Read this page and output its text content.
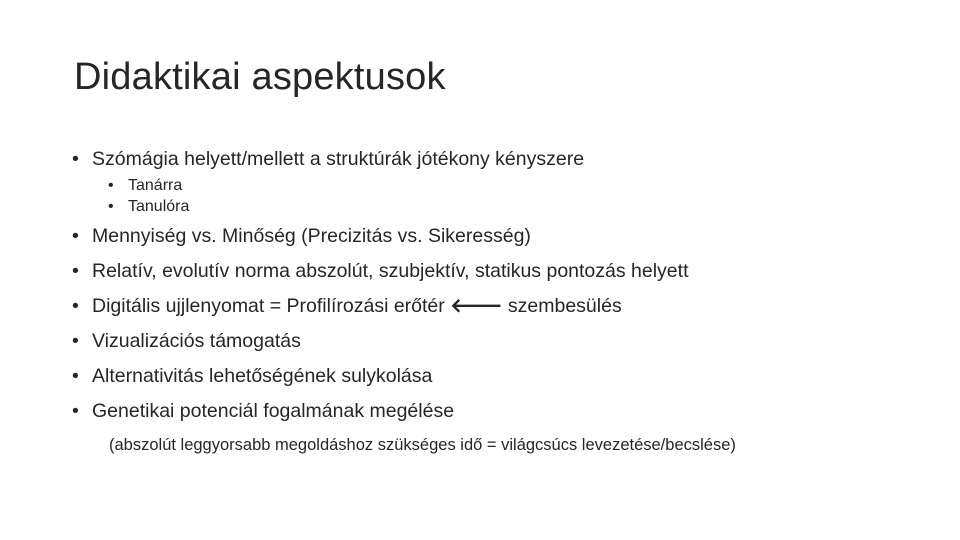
Didaktikai aspektusok
• Szómágia helyett/mellett a struktúrák jótékony kényszere
• Tanárra
• Tanulóra
• Mennyiség vs. Minőség (Precizitás vs. Sikeresség)
• Relatív, evolutív norma abszolút, szubjektív, statikus pontozás helyett
• Digitális ujjlenyomat = Profilírozási erőtér 🡐 szembesülés
• Vizualizációs támogatás
• Alternativitás lehetőségének sulykolása
• Genetikai potenciál fogalmának megélése
(abszolút leggyorsabb megoldáshoz szükséges idő = világcsúcs levezetése/becslése)
